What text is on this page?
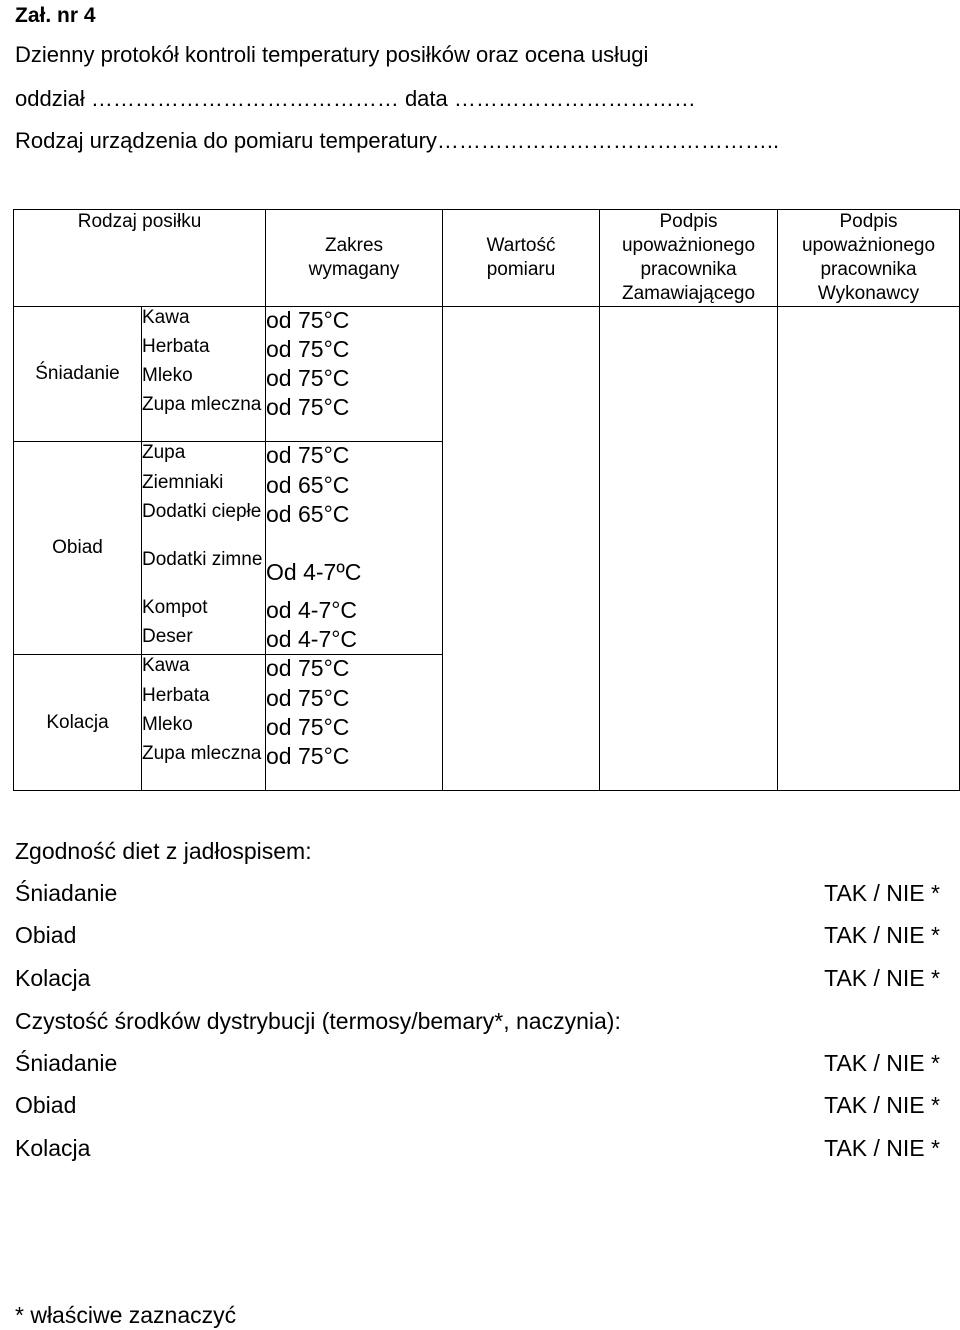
Zał. nr 4
Dzienny protokół kontroli temperatury posiłków oraz ocena usługi
oddział …………………………………… data ……………………………
Rodzaj urządzenia do pomiaru temperatury………………………………………..
Rodzaj posiłku		Zakres wymagany	Wartość pomiaru	Podpis upoważnionego pracownika Zamawiającego	Podpis upoważnionego pracownika Wykonawcy
Śniadanie	Kawa	od 75°C			
	Herbata	od 75°C			
	Mleko	od 75°C			
	Zupa mleczna	od 75°C			
Obiad	Zupa	od 75°C			
	Ziemniaki	od 65°C			
	Dodatki ciepłe	od 65°C			
	Dodatki zimne	Od 4-7ºC			
	Kompot	od 4-7°C			
	Deser	od 4-7°C			
Kolacja	Kawa	od 75°C			
	Herbata	od 75°C			
	Mleko	od 75°C			
	Zupa mleczna	od 75°C			
Zgodność diet z jadłospisem:
Śniadanie	TAK / NIE *
Obiad	TAK / NIE *
Kolacja	TAK / NIE *
Czystość środków dystrybucji (termosy/bemary*, naczynia):
Śniadanie	TAK / NIE *
Obiad	TAK / NIE *
Kolacja	TAK / NIE *
* właściwe zaznaczyć
